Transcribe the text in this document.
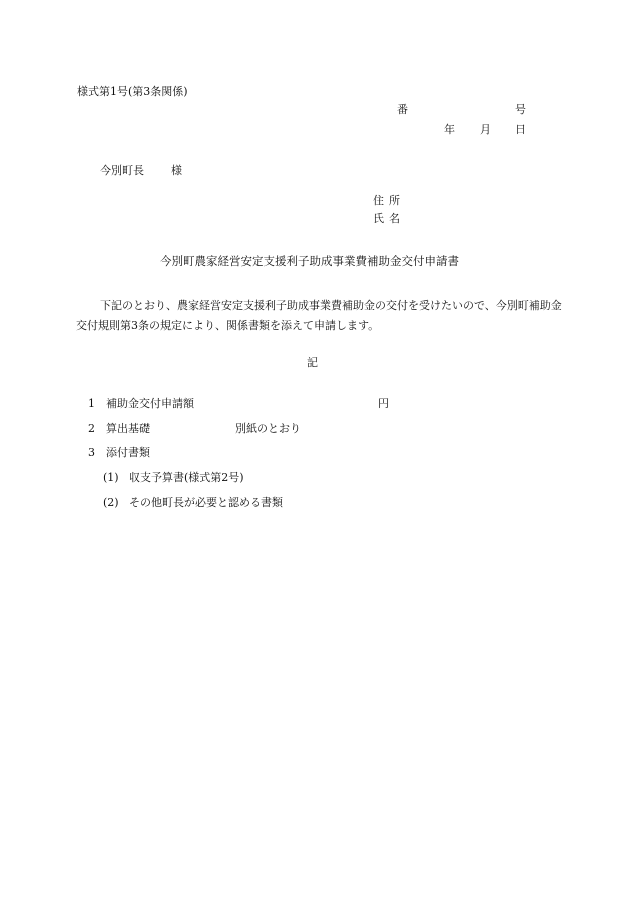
様式第1号(第3条関係)
番	号
年 月 日
今別町長 様
住所
氏名
今別町農家経営安定支援利子助成事業費補助金交付申請書
下記のとおり、農家経営安定支援利子助成事業費補助金の交付を受けたいので、今別町補助金交付規則第3条の規定により、関係書類を添えて申請します。
記
1 補助金交付申請額	円
2 算出基礎	別紙のとおり
3 添付書類
(1) 収支予算書(様式第2号)
(2) その他町長が必要と認める書類
